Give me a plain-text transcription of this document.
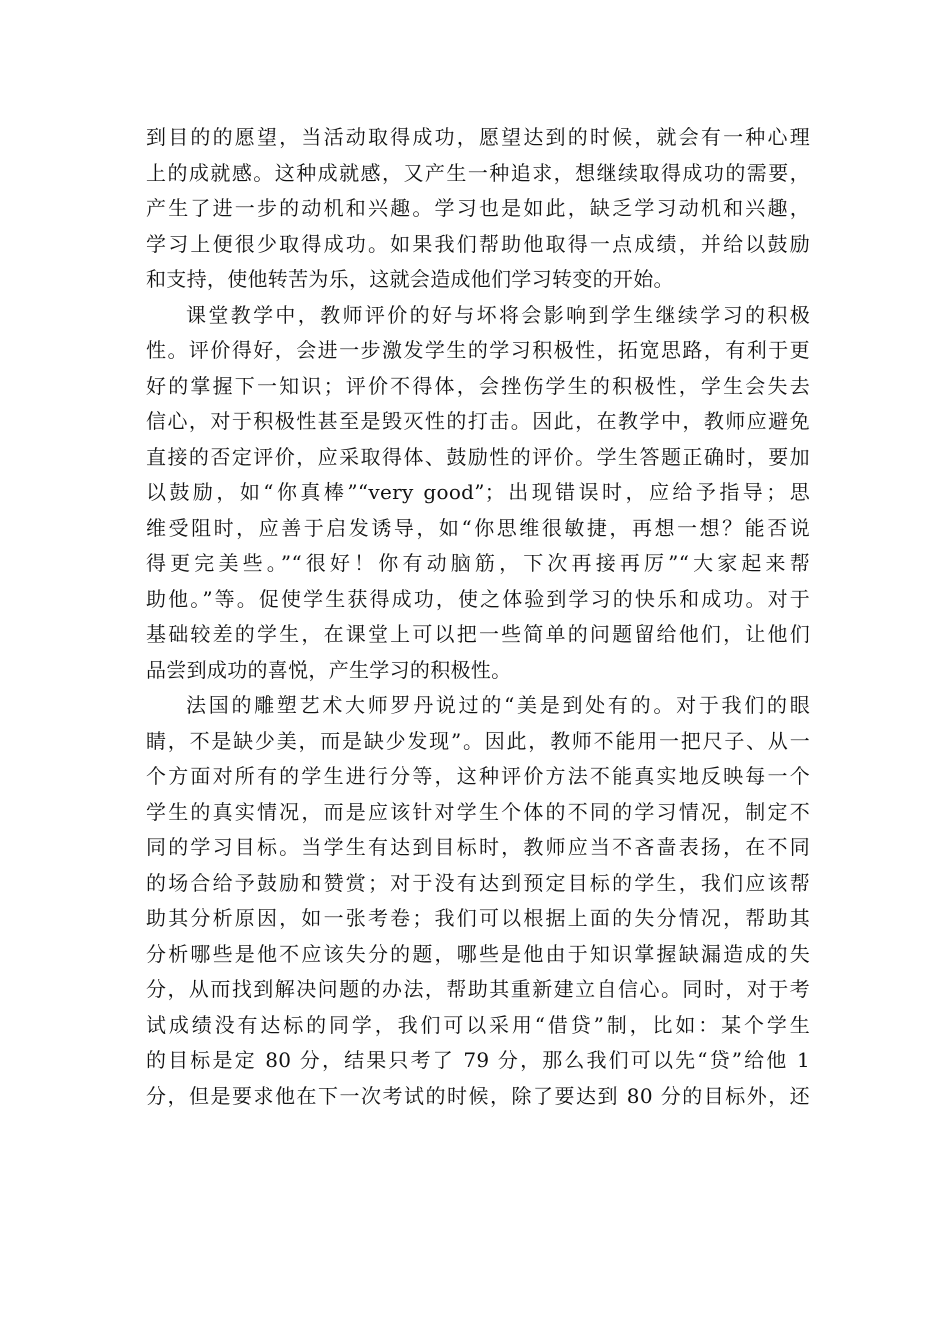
到目的的愿望，当活动取得成功，愿望达到的时候，就会有一种心理
上的成就感。这种成就感，又产生一种追求，想继续取得成功的需要，
产生了进一步的动机和兴趣。学习也是如此，缺乏学习动机和兴趣，
学习上便很少取得成功。如果我们帮助他取得一点成绩，并给以鼓励
和支持，使他转苦为乐，这就会造成他们学习转变的开始。
课堂教学中，教师评价的好与坏将会影响到学生继续学习的积极
性。评价得好，会进一步激发学生的学习积极性，拓宽思路，有利于更
好的掌握下一知识；评价不得体，会挫伤学生的积极性，学生会失去
信心，对于积极性甚至是毁灭性的打击。因此，在教学中，教师应避免
直接的否定评价，应采取得体、鼓励性的评价。学生答题正确时，要加
以鼓励，如“你真棒”“very good”；出现错误时，应给予指导；思
维受阻时，应善于启发诱导，如“你思维很敏捷，再想一想？能否说
得更完美些。”“很好！你有动脑筋，下次再接再厉”“大家起来帮
助他。”等。促使学生获得成功，使之体验到学习的快乐和成功。对于
基础较差的学生，在课堂上可以把一些简单的问题留给他们，让他们
品尝到成功的喜悦，产生学习的积极性。
法国的雕塑艺术大师罗丹说过的“美是到处有的。对于我们的眼
睛，不是缺少美，而是缺少发现”。因此，教师不能用一把尺子、从一
个方面对所有的学生进行分等，这种评价方法不能真实地反映每一个
学生的真实情况，而是应该针对学生个体的不同的学习情况，制定不
同的学习目标。当学生有达到目标时，教师应当不吝啬表扬，在不同
的场合给予鼓励和赞赏；对于没有达到预定目标的学生，我们应该帮
助其分析原因，如一张考卷；我们可以根据上面的失分情况，帮助其
分析哪些是他不应该失分的题，哪些是他由于知识掌握缺漏造成的失
分，从而找到解决问题的办法，帮助其重新建立自信心。同时，对于考
试成绩没有达标的同学，我们可以采用“借贷”制，比如：某个学生
的目标是定 80 分，结果只考了 79 分，那么我们可以先“贷”给他 1
分，但是要求他在下一次考试的时候，除了要达到 80 分的目标外，还
